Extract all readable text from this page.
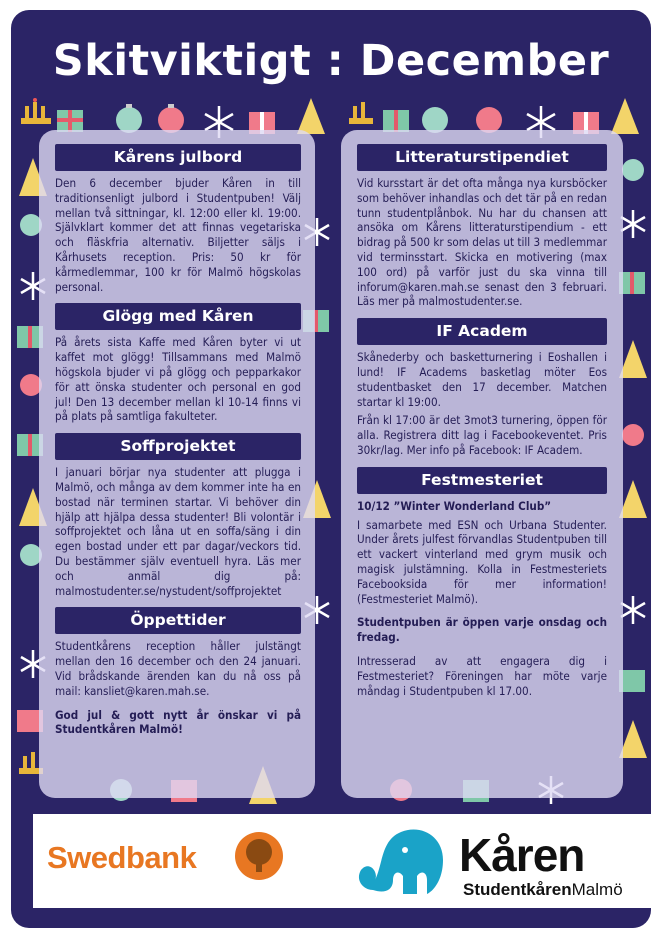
Skitviktigt : December
Kårens julbord

Den 6 december bjuder Kåren in till traditionsenligt julbord i Studentpuben! Välj mellan två sittningar, kl. 12:00 eller kl. 19:00. Självklart kommer det att finnas vegetariska och fläskfria alternativ. Biljetter säljs i Kårhusets reception. Pris: 50 kr för kårmedlemmar, 100 kr för Malmö högskolas personal.

Glögg med Kåren

På årets sista Kaffe med Kåren byter vi ut kaffet mot glögg! Tillsammans med Malmö högskola bjuder vi på glögg och pepparkakor för att önska studenter och personal en god jul! Den 13 december mellan kl 10-14 finns vi på plats på samtliga fakulteter.

Soffprojektet

I januari börjar nya studenter att plugga i Malmö, och många av dem kommer inte ha en bostad när terminen startar. Vi behöver din hjälp att hjälpa dessa studenter! Bli volontär i soffprojektet och låna ut en soffa/säng i din egen bostad under ett par dagar/veckors tid. Du bestämmer själv eventuell hyra. Läs mer och anmäl dig på: malmostudenter.se/nystudent/soffprojektet

Öppettider

Studentkårens reception håller julstängt mellan den 16 december och den 24 januari. Vid brådskande ärenden kan du nå oss på mail: kansliet@karen.mah.se.

God jul & gott nytt år önskar vi på Studentkåren Malmö!

Litteraturstipendiet

Vid kursstart är det ofta många nya kursböcker som behöver inhandlas och det tär på en redan tunn studentplånbok. Nu har du chansen att ansöka om Kårens litteraturstipendium - ett bidrag på 500 kr som delas ut till 3 medlemmar vid terminsstart. Skicka en motivering (max 100 ord) på varför just du ska vinna till inforum@karen.mah.se senast den 3 februari. Läs mer på malmostudenter.se.

IF Academ

Skånederby och basketturnering i Eoshallen i lund! IF Academs basketlag möter Eos studentbasket den 17 december. Matchen startar kl 19:00.

Från kl 17:00 är det 3mot3 turnering, öppen för alla. Registrera ditt lag i Facebookeventet. Pris 30kr/lag. Mer info på Facebook: IF Academ.

Festmesteriet

10/12 ”Winter Wonderland Club”

I samarbete med ESN och Urbana Studenter. Under årets julfest förvandlas Studentpuben till ett vackert vinterland med grym musik och magisk julstämning. Kolla in Festmesteriets Facebooksida för mer information! (Festmesteriet Malmö).

Studentpuben är öppen varje onsdag och fredag.

Intresserad av att engagera dig i Festmesteriet? Föreningen har möte varje måndag i Studentpuben kl 17.00.

Swedbank	Kåren
StudentkårenMalmö
